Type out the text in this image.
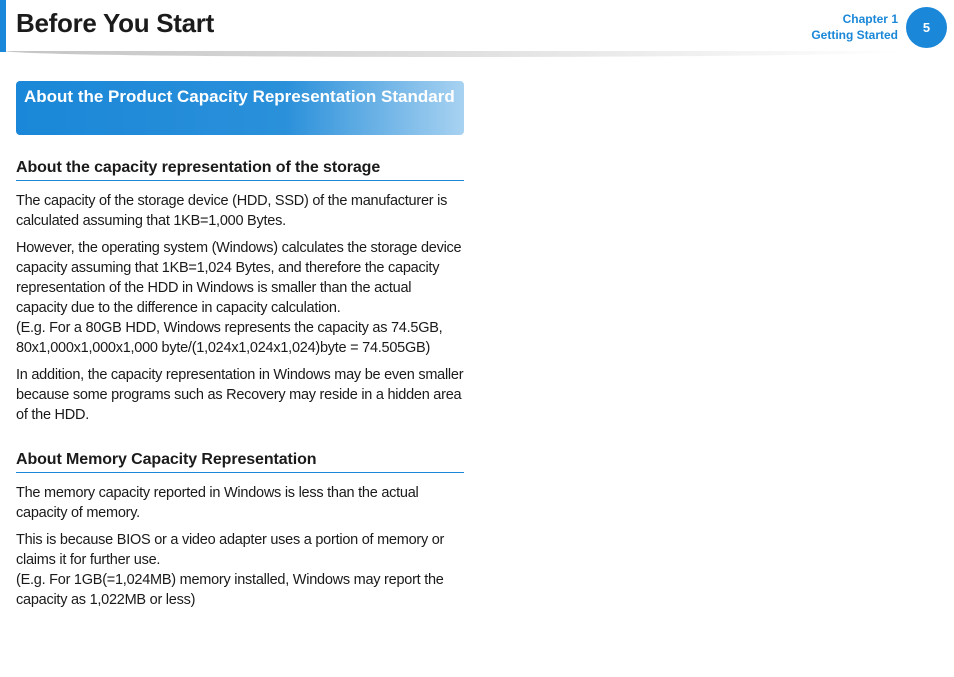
Before You Start	Chapter 1
Getting Started	5
About the Product Capacity Representation Standard
About the capacity representation of the storage

The capacity of the storage device (HDD, SSD) of the manufacturer is calculated assuming that 1KB=1,000 Bytes.

However, the operating system (Windows) calculates the storage device capacity assuming that 1KB=1,024 Bytes, and therefore the capacity representation of the HDD in Windows is smaller than the actual capacity due to the difference in capacity calculation.

(E.g. For a 80GB HDD, Windows represents the capacity as 74.5GB, 80x1,000x1,000x1,000 byte/(1,024x1,024x1,024)byte = 74.505GB)

In addition, the capacity representation in Windows may be even smaller because some programs such as Recovery may reside in a hidden area of the HDD.

About Memory Capacity Representation

The memory capacity reported in Windows is less than the actual capacity of memory.

This is because BIOS or a video adapter uses a portion of memory or claims it for further use.

(E.g. For 1GB(=1,024MB) memory installed, Windows may report the capacity as 1,022MB or less)
